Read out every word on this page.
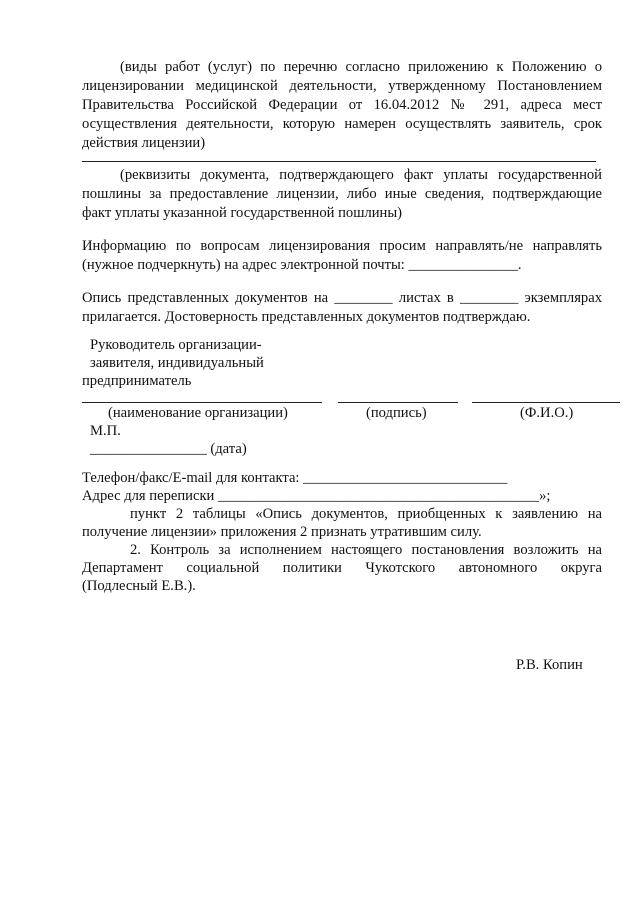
(виды работ (услуг) по перечню согласно приложению к Положению о
лицензировании медицинской деятельности, утвержденному Постановлением
Правительства Российской Федерации от 16.04.2012 № 291, адреса мест
осуществления деятельности, которую намерен осуществлять заявитель, срок
действия лицензии)
(реквизиты документа, подтверждающего факт уплаты государственной
пошлины за предоставление лицензии, либо иные сведения, подтверждающие
факт уплаты указанной государственной пошлины)
Информацию по вопросам лицензирования просим направлять/не направлять
(нужное подчеркнуть) на адрес электронной почты: _______________.
Опись представленных документов на ________ листах в ________ экземплярах
прилагается. Достоверность представленных документов подтверждаю.
Руководитель организации-
заявителя, индивидуальный
предприниматель
(наименование организации)	(подпись)	(Ф.И.О.)
М.П.
________________ (дата)
Телефон/факс/E-mail для контакта: ____________________________
Адрес для переписки ____________________________________________»;
пункт 2 таблицы «Опись документов, приобщенных к заявлению на
получение лицензии» приложения 2 признать утратившим силу.
2. Контроль за исполнением настоящего постановления возложить на
Департамент социальной политики Чукотского автономного округа
(Подлесный Е.В.).
Р.В. Копин
